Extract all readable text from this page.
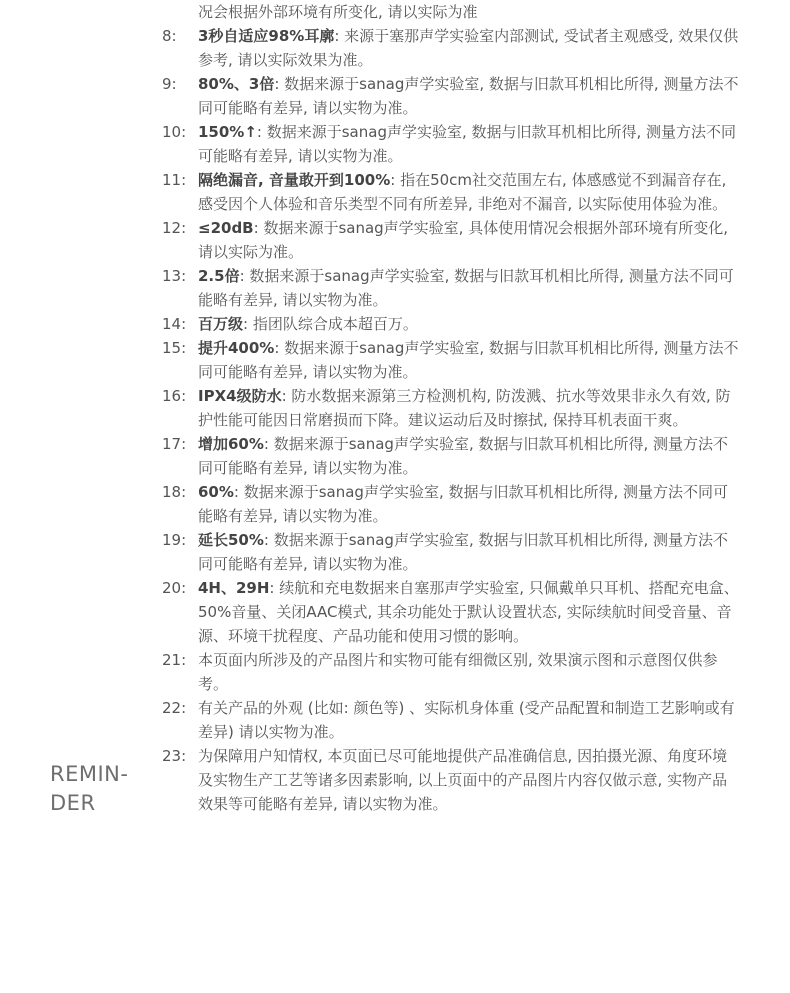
况会根据外部环境有所变化, 请以实际为准
8:	3秒自适应98%耳廓: 来源于塞那声学实验室内部测试, 受试者主观感受, 效果仅供参考, 请以实际效果为准。
9:	80%、3倍: 数据来源于sanag声学实验室, 数据与旧款耳机相比所得, 测量方法不同可能略有差异, 请以实物为准。
10: 150%↑: 数据来源于sanag声学实验室, 数据与旧款耳机相比所得, 测量方法不同可能略有差异, 请以实物为准。
11: 隔绝漏音, 音量敢开到100%: 指在50cm社交范围左右, 体感感觉不到漏音存在, 感受因个人体验和音乐类型不同有所差异, 非绝对不漏音, 以实际使用体验为准。
12: ≤20dB: 数据来源于sanag声学实验室, 具体使用情况会根据外部环境有所变化, 请以实际为准。
13: 2.5倍: 数据来源于sanag声学实验室, 数据与旧款耳机相比所得, 测量方法不同可能略有差异, 请以实物为准。
14: 百万级: 指团队综合成本超百万。
15: 提升400%: 数据来源于sanag声学实验室, 数据与旧款耳机相比所得, 测量方法不同可能略有差异, 请以实物为准。
16: IPX4级防水: 防水数据来源第三方检测机构, 防泼溅、抗水等效果非永久有效, 防护性能可能因日常磨损而下降。建议运动后及时擦拭, 保持耳机表面干爽。
17: 增加60%: 数据来源于sanag声学实验室, 数据与旧款耳机相比所得, 测量方法不同可能略有差异, 请以实物为准。
18: 60%: 数据来源于sanag声学实验室, 数据与旧款耳机相比所得, 测量方法不同可能略有差异, 请以实物为准。
19: 延长50%: 数据来源于sanag声学实验室, 数据与旧款耳机相比所得, 测量方法不同可能略有差异, 请以实物为准。
20: 4H、29H: 续航和充电数据来自塞那声学实验室, 只佩戴单只耳机、搭配充电盒、50%音量、关闭AAC模式, 其余功能处于默认设置状态, 实际续航时间受音量、音源、环境干扰程度、产品功能和使用习惯的影响。
21: 本页面内所涉及的产品图片和实物可能有细微区别, 效果演示图和示意图仅供参考。
22: 有关产品的外观 (比如: 颜色等) 、实际机身体重 (受产品配置和制造工艺影响或有差异) 请以实物为准。
23: 为保障用户知情权, 本页面已尽可能地提供产品准确信息, 因拍摄光源、角度环境及实物生产工艺等诸多因素影响, 以上页面中的产品图片内容仅做示意, 实物产品效果等可能略有差异, 请以实物为准。
REMIN-
DER
